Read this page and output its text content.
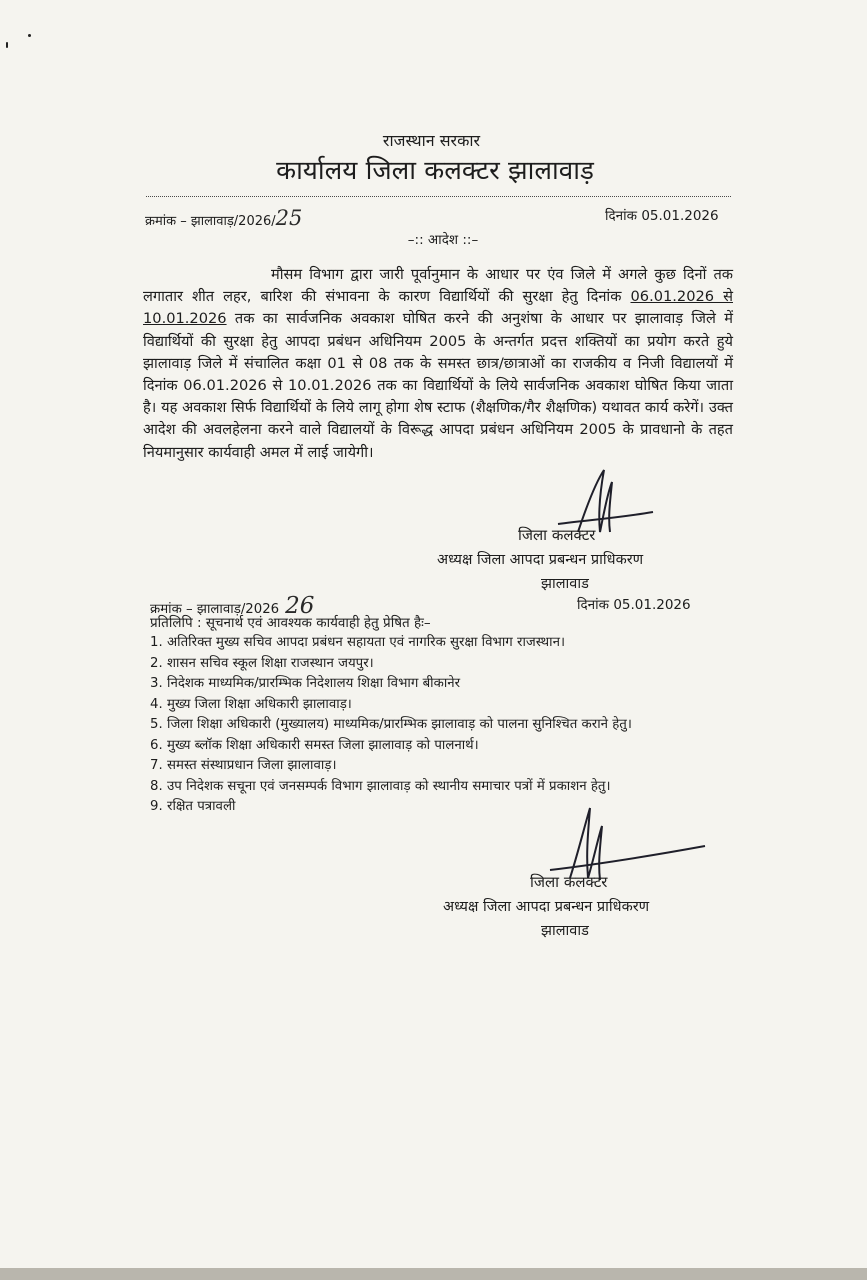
राजस्थान सरकार
कार्यालय जिला कलक्टर झालावाड़
क्रमांक – झालावाड़/2026/25	दिनांक 05.01.2026
–:: आदेश ::–

मौसम विभाग द्वारा जारी पूर्वानुमान के आधार पर एंव जिले में अगले कुछ दिनों तक लगातार शीत लहर, बारिश की संभावना के कारण विद्यार्थियों की सुरक्षा हेतु दिनांक 06.01.2026 से 10.01.2026 तक का सार्वजनिक अवकाश घोषित करने की अनुशंषा के आधार पर झालावाड़ जिले में विद्यार्थियों की सुरक्षा हेतु आपदा प्रबंधन अधिनियम 2005 के अन्तर्गत प्रदत्त शक्तियों का प्रयोग करते हुये झालावाड़ जिले में संचालित कक्षा 01 से 08 तक के समस्त छात्र/छात्राओं का राजकीय व निजी विद्यालयों में दिनांक 06.01.2026 से 10.01.2026 तक का विद्यार्थियों के लिये सार्वजनिक अवकाश घोषित किया जाता है। यह अवकाश सिर्फ विद्यार्थियों के लिये लागू होगा शेष स्टाफ (शैक्षणिक/गैर शैक्षणिक) यथावत कार्य करेगें। उक्त आदेश की अवलहेलना करने वाले विद्यालयों के विरूद्ध आपदा प्रबंधन अधिनियम 2005 के प्रावधानो के तहत नियमानुसार कार्यवाही अमल में लाई जायेगी।

जिला कलक्टर
अध्यक्ष जिला आपदा प्रबन्धन प्राधिकरण
झालावाड
क्रमांक – झालावाड़/2026 26	दिनांक 05.01.2026
प्रतिलिपि : सूचनार्थ एवं आवश्यक कार्यवाही हेतु प्रेषित हैः–
1. अतिरिक्त मुख्य सचिव आपदा प्रबंधन सहायता एवं नागरिक सुरक्षा विभाग राजस्थान।
2. शासन सचिव स्कूल शिक्षा राजस्थान जयपुर।
3. निदेशक माध्यमिक/प्रारम्भिक निदेशालय शिक्षा विभाग बीकानेर
4. मुख्य जिला शिक्षा अधिकारी झालावाड़।
5. जिला शिक्षा अधिकारी (मुख्यालय) माध्यमिक/प्रारम्भिक झालावाड़ को पालना सुनिश्चित कराने हेतु।
6. मुख्य ब्लॉक शिक्षा अधिकारी समस्त जिला झालावाड़ को पालनार्थ।
7. समस्त संस्थाप्रधान जिला झालावाड़।
8. उप निदेशक सचूना एवं जनसम्पर्क विभाग झालावाड़ को स्थानीय समाचार पत्रों में प्रकाशन हेतु।
9. रक्षित पत्रावली
जिला कलक्टर
अध्यक्ष जिला आपदा प्रबन्धन प्राधिकरण
झालावाड
